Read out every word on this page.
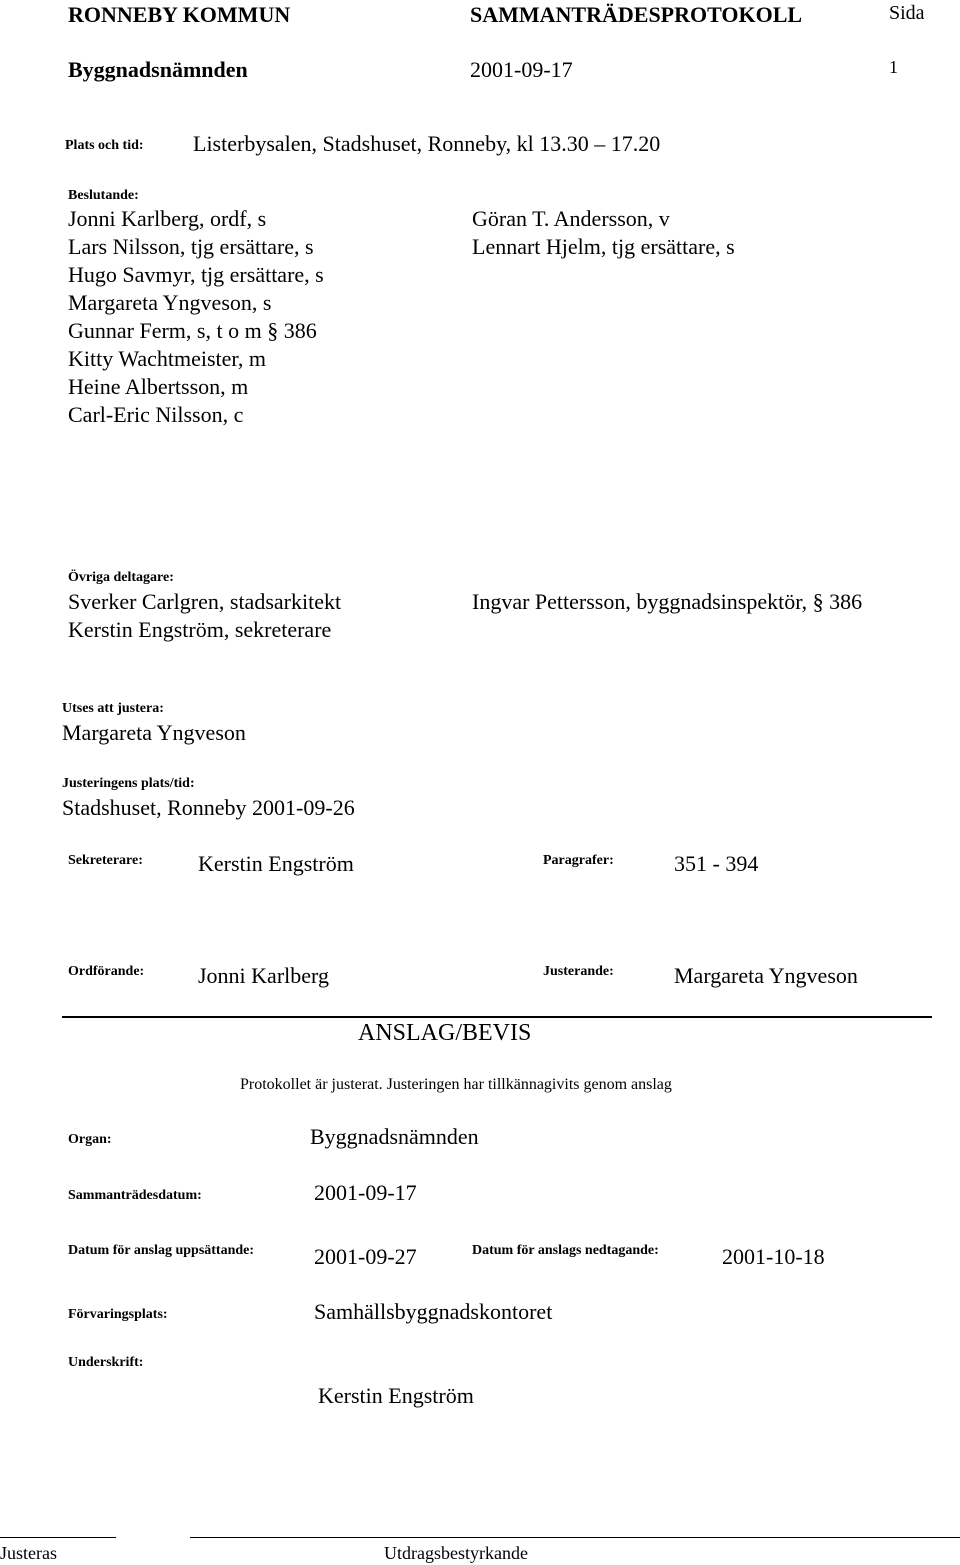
RONNEBY KOMMUN	SAMMANTRÄDESPROTOKOLL	Sida
Byggnadsnämnden	2001-09-17	1
Plats och tid: Listerbysalen, Stadshuset, Ronneby, kl 13.30 – 17.20
Beslutande:
Jonni Karlberg, ordf, s
Lars Nilsson, tjg ersättare, s
Hugo Savmyr, tjg ersättare, s
Margareta Yngveson, s
Gunnar Ferm, s, t o m § 386
Kitty Wachtmeister, m
Heine Albertsson, m
Carl-Eric Nilsson, c
Göran T. Andersson, v
Lennart Hjelm, tjg ersättare, s
Övriga deltagare:
Sverker Carlgren, stadsarkitekt
Kerstin Engström, sekreterare
Ingvar Pettersson, byggnadsinspektör, § 386
Utses att justera:
Margareta Yngveson
Justeringens plats/tid:
Stadshuset, Ronneby 2001-09-26
Sekreterare:	Kerstin Engström	Paragrafer:	351 - 394
Ordförande: Jonni Karlberg	Justerande:	Margareta Yngveson
ANSLAG/BEVIS
Protokollet är justerat. Justeringen har tillkännagivits genom anslag
Organ:	Byggnadsnämnden
Sammanträdesdatum:	2001-09-17
Datum för anslag uppsättande:	2001-09-27	Datum för anslags nedtagande:	2001-10-18
Förvaringsplats:	Samhällsbyggnadskontoret
Underskrift:
Kerstin Engström
Justeras	Utdragsbestyrkande
